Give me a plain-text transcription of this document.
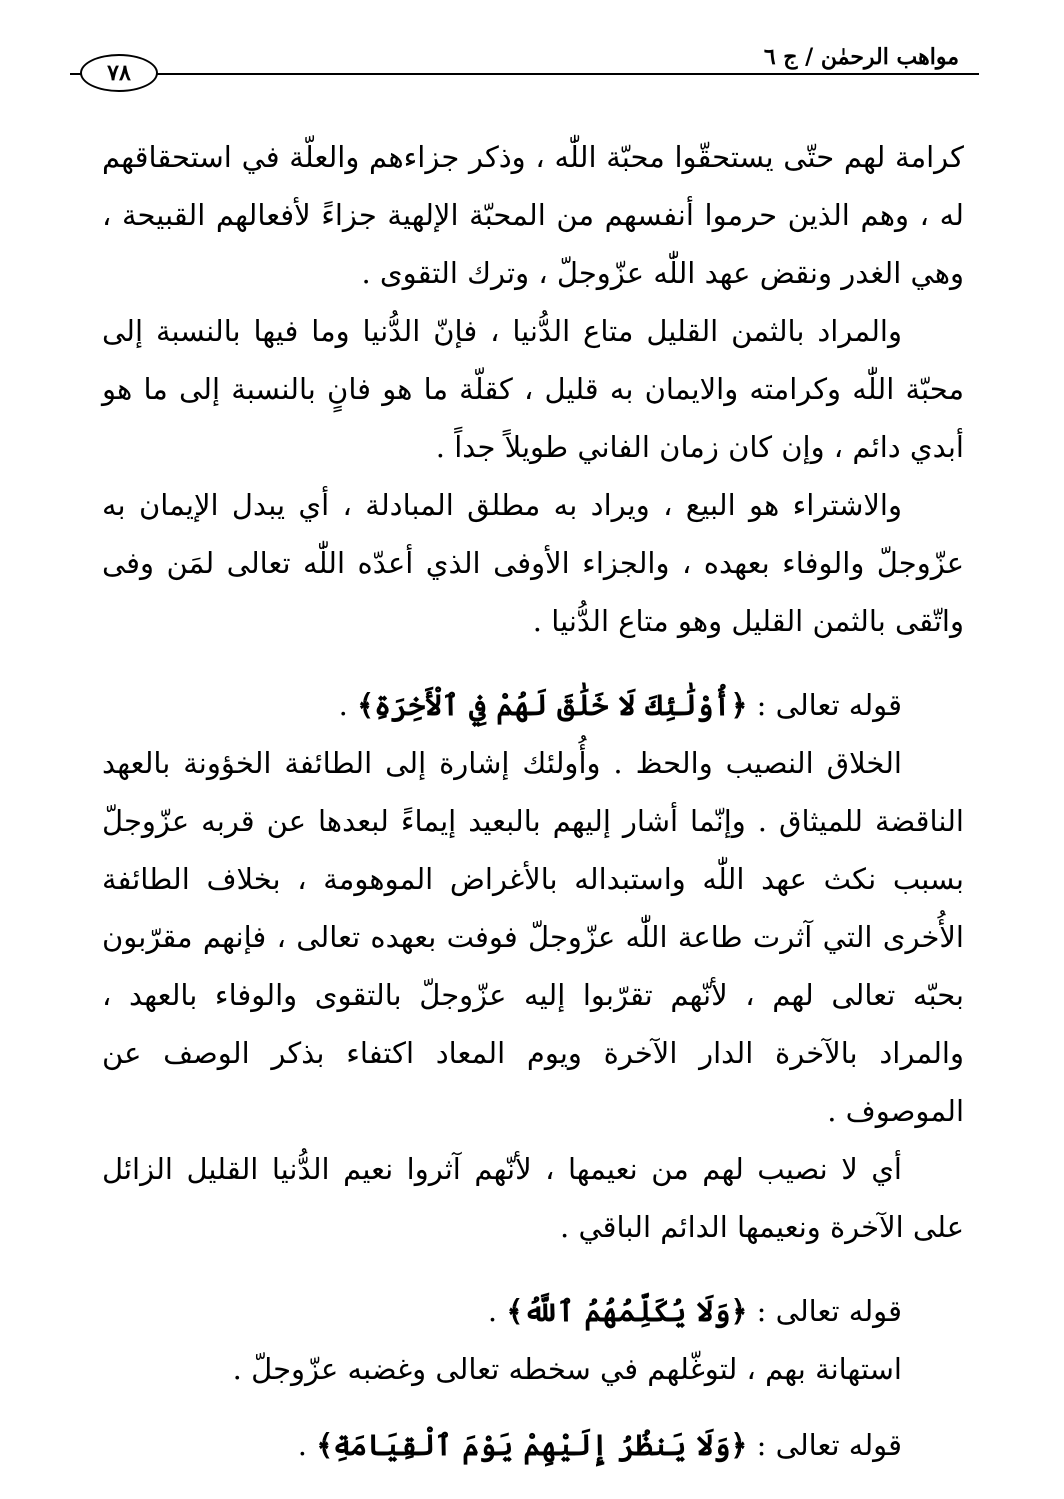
مواهب الرحمٰن / ج ٦
٧٨

كرامة لهم حتّى يستحقّوا محبّة اللّٰه ، وذكر جزاءهم والعلّة في استحقاقهم له ، وهم الذين حرموا أنفسهم من المحبّة الإلهية جزاءً لأفعالهم القبيحة ، وهي الغدر ونقض عهد اللّٰه عزّوجلّ ، وترك التقوى .

والمراد بالثمن القليل متاع الدُّنيا ، فإنّ الدُّنيا وما فيها بالنسبة إلى محبّة اللّٰه وكرامته والايمان به قليل ، كقلّة ما هو فانٍ بالنسبة إلى ما هو أبدي دائم ، وإن كان زمان الفاني طويلاً جداً .

والاشتراء هو البيع ، ويراد به مطلق المبادلة ، أي يبدل الإيمان به عزّوجلّ والوفاء بعهده ، والجزاء الأوفى الذي أعدّه اللّٰه تعالى لمَن وفى واتّقى بالثمن القليل وهو متاع الدُّنيا .

قوله تعالى : ﴿أُوْلَٰئِكَ لَا خَلَٰقَ لَهُمْ فِي ٱلْأَخِرَةِ﴾ .

الخلاق النصيب والحظ . وأُولئك إشارة إلى الطائفة الخؤونة بالعهد الناقضة للميثاق . وإنّما أشار إليهم بالبعيد إيماءً لبعدها عن قربه عزّوجلّ بسبب نكث عهد اللّٰه واستبداله بالأغراض الموهومة ، بخلاف الطائفة الأُخرى التي آثرت طاعة اللّٰه عزّوجلّ فوفت بعهده تعالى ، فإنهم مقرّبون بحبّه تعالى لهم ، لأنّهم تقرّبوا إليه عزّوجلّ بالتقوى والوفاء بالعهد ، والمراد بالآخرة الدار الآخرة ويوم المعاد اكتفاء بذكر الوصف عن الموصوف .

أي لا نصيب لهم من نعيمها ، لأنّهم آثروا نعيم الدُّنيا القليل الزائل على الآخرة ونعيمها الدائم الباقي .

قوله تعالى : ﴿وَلَا يُكَلِّمُهُمُ ٱللَّهُ﴾ .

استهانة بهم ، لتوغّلهم في سخطه تعالى وغضبه عزّوجلّ .

قوله تعالى : ﴿وَلَا يَنظُرُ إِلَيْهِمْ يَوْمَ ٱلْقِيَامَةِ﴾ .
